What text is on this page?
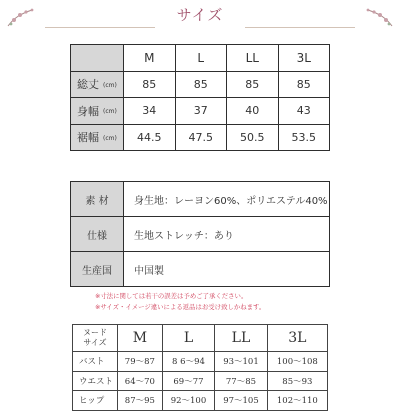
サイズ
	M	L	LL	3L
総丈 (cm)	85	85	85	85
身幅 (cm)	34	37	40	43
裾幅 (cm)	44.5	47.5	50.5	53.5
素 材	身生地：レーヨン60%、ポリエステル40%
仕様	生地ストレッチ：あり
生産国	中国製
※寸法に関しては若干の誤差は予めご了承ください。
※サイズ・イメージ違いによる返品はお受け致しかねます。
ヌード
サイズ	M	L	LL	3L
バスト	79〜87	8 6〜94	93〜101	100〜108
ウエスト	64〜70	69〜77	77〜85	85〜93
ヒップ	87〜95	92〜100	97〜105	102〜110
